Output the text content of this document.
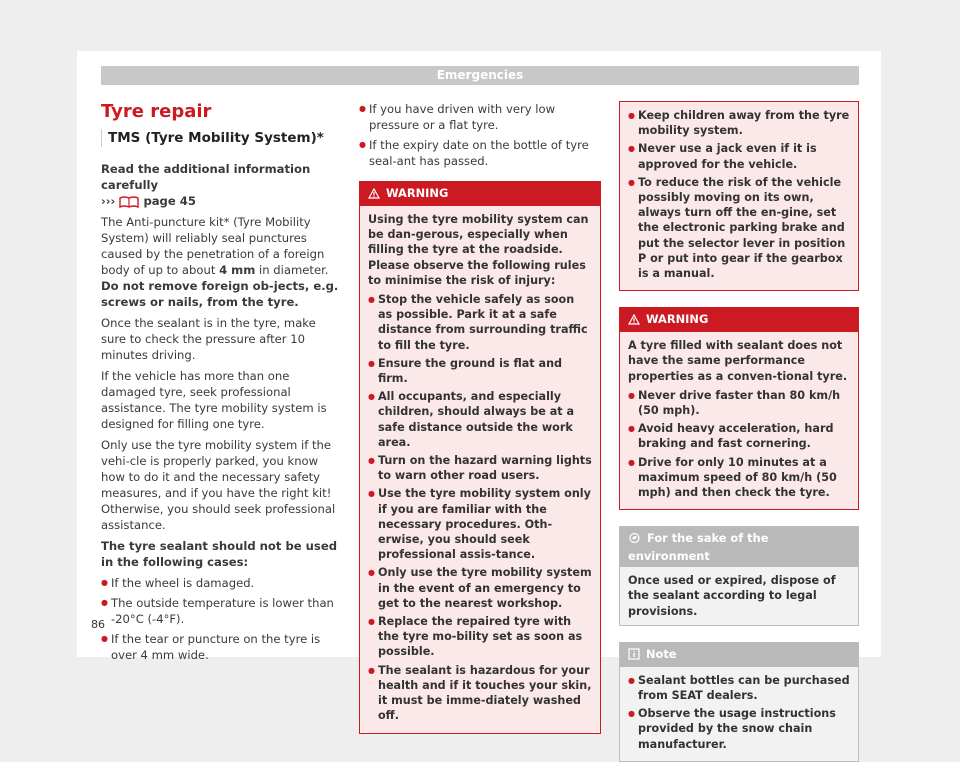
Emergencies
Tyre repair
TMS (Tyre Mobility System)*

Read the additional information carefully
››› page 45

The Anti-puncture kit* (Tyre Mobility System) will reliably seal punctures caused by the penetration of a foreign body of up to about 4 mm in diameter. Do not remove foreign ob-jects, e.g. screws or nails, from the tyre.

Once the sealant is in the tyre, make sure to check the pressure after 10 minutes driving.

If the vehicle has more than one damaged tyre, seek professional assistance. The tyre mobility system is designed for filling one tyre.

Only use the tyre mobility system if the vehi-cle is properly parked, you know how to do it and the necessary safety measures, and if you have the right kit! Otherwise, you should seek professional assistance.

The tyre sealant should not be used in the following cases:

● If the wheel is damaged.
● The outside temperature is lower than -20°C (-4°F).
● If the tear or puncture on the tyre is over 4 mm wide.
● If you have driven with very low pressure or a flat tyre.
● If the expiry date on the bottle of tyre seal-ant has passed.
WARNING

Using the tyre mobility system can be dan-gerous, especially when filling the tyre at the roadside. Please observe the following rules to minimise the risk of injury:

● Stop the vehicle safely as soon as possible. Park it at a safe distance from surrounding traffic to fill the tyre.
● Ensure the ground is flat and firm.
● All occupants, and especially children, should always be at a safe distance outside the work area.
● Turn on the hazard warning lights to warn other road users.
● Use the tyre mobility system only if you are familiar with the necessary procedures. Oth-erwise, you should seek professional assis-tance.
● Only use the tyre mobility system in the event of an emergency to get to the nearest workshop.
● Replace the repaired tyre with the tyre mo-bility set as soon as possible.
● The sealant is hazardous for your health and if it touches your skin, it must be imme-diately washed off.
● Keep children away from the tyre mobility system.
● Never use a jack even if it is approved for the vehicle.
● To reduce the risk of the vehicle possibly moving on its own, always turn off the en-gine, set the electronic parking brake and put the selector lever in position P or put into gear if the gearbox is a manual.
WARNING

A tyre filled with sealant does not have the same performance properties as a conven-tional tyre.

● Never drive faster than 80 km/h (50 mph).
● Avoid heavy acceleration, hard braking and fast cornering.
● Drive for only 10 minutes at a maximum speed of 80 km/h (50 mph) and then check the tyre.
For the sake of the environment
Once used or expired, dispose of the sealant according to legal provisions.
Note
● Sealant bottles can be purchased from SEAT dealers.
● Observe the usage instructions provided by the snow chain manufacturer.
86
